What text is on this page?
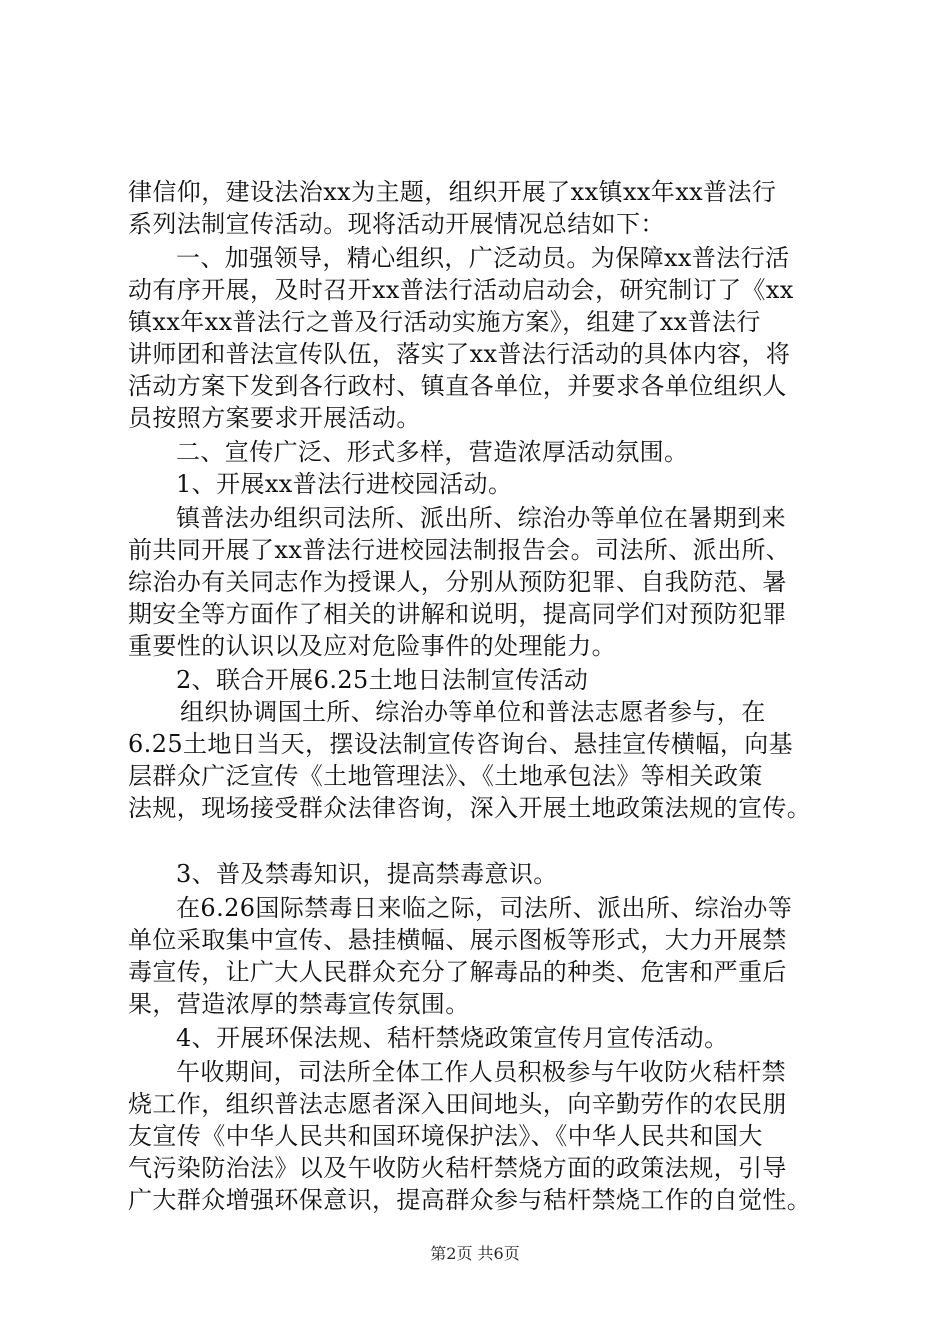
律信仰，建设法治xx为主题，组织开展了xx镇xx年xx普法行

系列法制宣传活动。现将活动开展情况总结如下：

一、加强领导，精心组织，广泛动员。为保障xx普法行活

动有序开展，及时召开xx普法行活动启动会，研究制订了《xx

镇xx年xx普法行之普及行活动实施方案》，组建了xx普法行

讲师团和普法宣传队伍，落实了xx普法行活动的具体内容，将

活动方案下发到各行政村、镇直各单位，并要求各单位组织人

员按照方案要求开展活动。

二、宣传广泛、形式多样，营造浓厚活动氛围。

1、开展xx普法行进校园活动。

镇普法办组织司法所、派出所、综治办等单位在暑期到来

前共同开展了xx普法行进校园法制报告会。司法所、派出所、

综治办有关同志作为授课人，分别从预防犯罪、自我防范、暑

期安全等方面作了相关的讲解和说明，提高同学们对预防犯罪

重要性的认识以及应对危险事件的处理能力。

2、联合开展6.25土地日法制宣传活动

组织协调国土所、综治办等单位和普法志愿者参与，在

6.25土地日当天，摆设法制宣传咨询台、悬挂宣传横幅，向基

层群众广泛宣传《土地管理法》、《土地承包法》等相关政策

法规，现场接受群众法律咨询，深入开展土地政策法规的宣传。

3、普及禁毒知识，提高禁毒意识。

在6.26国际禁毒日来临之际，司法所、派出所、综治办等

单位采取集中宣传、悬挂横幅、展示图板等形式，大力开展禁

毒宣传，让广大人民群众充分了解毒品的种类、危害和严重后

果，营造浓厚的禁毒宣传氛围。

4、开展环保法规、秸杆禁烧政策宣传月宣传活动。

午收期间，司法所全体工作人员积极参与午收防火秸杆禁

烧工作，组织普法志愿者深入田间地头，向辛勤劳作的农民朋

友宣传《中华人民共和国环境保护法》、《中华人民共和国大

气污染防治法》以及午收防火秸杆禁烧方面的政策法规，引导

广大群众增强环保意识，提高群众参与秸杆禁烧工作的自觉性。

第2页 共6页
